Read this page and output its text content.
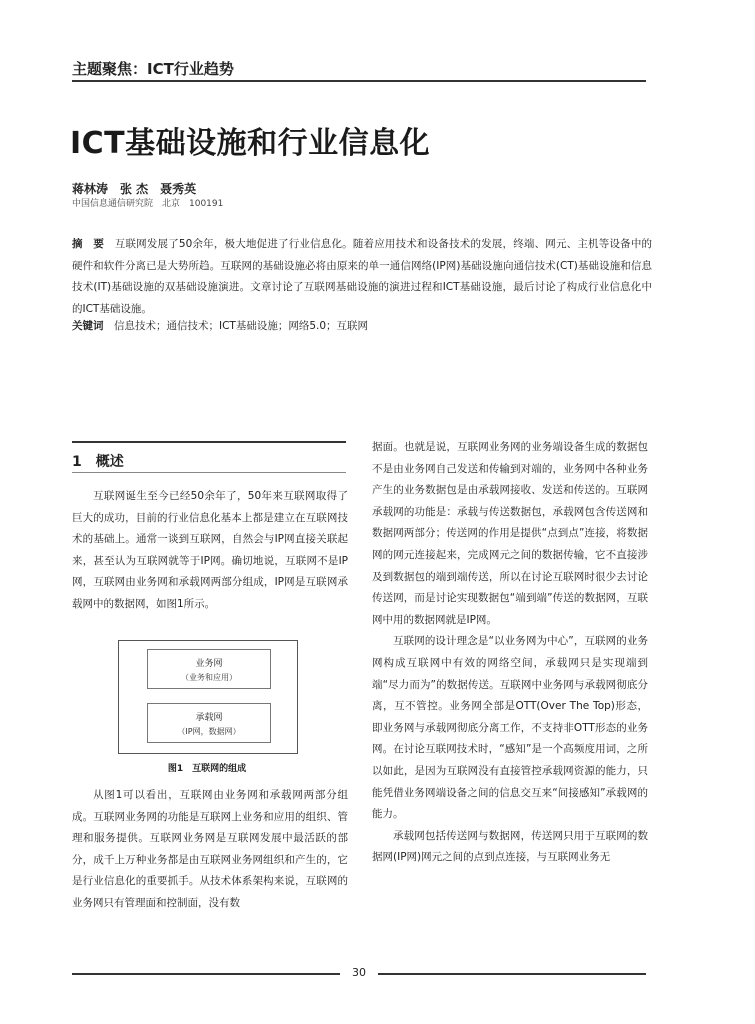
主题聚焦：ICT行业趋势
ICT基础设施和行业信息化
蒋林涛　张 杰　聂秀英
中国信息通信研究院　北京　100191
摘　要　 互联网发展了50余年，极大地促进了行业信息化。随着应用技术和设备技术的发展，终端、网元、主机等设备中的硬件和软件分离已是大势所趋。互联网的基础设施必将由原来的单一通信网络(IP网)基础设施向通信技术(CT)基础设施和信息技术(IT)基础设施的双基础设施演进。文章讨论了互联网基础设施的演进过程和ICT基础设施，最后讨论了构成行业信息化中的ICT基础设施。
关键词　 信息技术；通信技术；ICT基础设施；网络5.0；互联网
1　概述

互联网诞生至今已经50余年了，50年来互联网取得了巨大的成功，目前的行业信息化基本上都是建立在互联网技术的基础上。通常一谈到互联网，自然会与IP网直接关联起来，甚至认为互联网就等于IP网。确切地说，互联网不是IP网，互联网由业务网和承载网两部分组成，IP网是互联网承载网中的数据网，如图1所示。

业务网
（业务和应用）
承载网
（IP网，数据网）
图1　互联网的组成

从图1可以看出，互联网由业务网和承载网两部分组成。互联网业务网的功能是互联网上业务和应用的组织、管理和服务提供。互联网业务网是互联网发展中最活跃的部分，成千上万种业务都是由互联网业务网组织和产生的，它是行业信息化的重要抓手。从技术体系架构来说，互联网的业务网只有管理面和控制面，没有数

据面。也就是说，互联网业务网的业务端设备生成的数据包不是由业务网自己发送和传输到对端的，业务网中各种业务产生的业务数据包是由承载网接收、发送和传送的。互联网承载网的功能是：承载与传送数据包，承载网包含传送网和数据网两部分；传送网的作用是提供“点到点”连接，将数据网的网元连接起来，完成网元之间的数据传输，它不直接涉及到数据包的端到端传送，所以在讨论互联网时很少去讨论传送网，而是讨论实现数据包“端到端”传送的数据网，互联网中用的数据网就是IP网。

互联网的设计理念是“以业务网为中心”，互联网的业务网构成互联网中有效的网络空间，承载网只是实现端到端“尽力而为”的数据传送。互联网中业务网与承载网彻底分离，互不管控。业务网全部是OTT(Over The Top)形态，即业务网与承载网彻底分离工作，不支持非OTT形态的业务网。在讨论互联网技术时，“感知”是一个高频度用词，之所以如此，是因为互联网没有直接管控承载网资源的能力，只能凭借业务网端设备之间的信息交互来“间接感知”承载网的能力。

承载网包括传送网与数据网，传送网只用于互联网的数据网(IP网)网元之间的点到点连接，与互联网业务无

30
